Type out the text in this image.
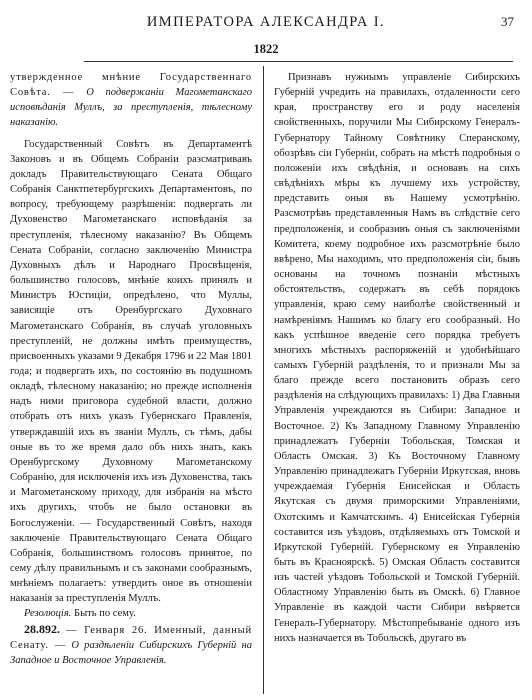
ИМПЕРАТОРА АЛЕКСАНДРА I.	37
1822

утвержденное мнѣние Государственнаго Совѣта. — О подвержаніи Магометанскаго исповѣданія Муллъ, за преступленія, тѣлесному наказанію.

Государственный Совѣтъ въ Департаментѣ Законовъ и въ Общемъ Собраніи разсматривавъ докладъ Правительствующаго Сената Общаго Собранія Санктпетербургскихъ Департаментовъ, по вопросу, требующему разрѣшенія: подвергать ли Духовенство Магометанскаго исповѣданія за преступленія, тѣлесному наказанію? Въ Общемъ Сената Собраніи, согласно заключенію Министра Духовныхъ дѣлъ и Народнаго Просвѣщенія, большинство голосовъ, мнѣніе коихъ принялъ и Министръ Юстиціи, опредѣлено, что Муллы, зависящіе отъ Оренбургскаго Духовнаго Магометанскаго Собранія, въ случаѣ уголовныхъ преступленій, не должны имѣть преимуществъ, присвоенныхъ указами 9 Декабря 1796 и 22 Мая 1801 года; и подвергать ихъ, по состоянію въ подушномъ окладѣ, тѣлесному наказанію; но прежде исполненія надъ ними приговора судебной власти, должно отобрать отъ нихъ указъ Губернскаго Правленія, утверждавшій ихъ въ званіи Муллъ, съ тѣмъ, дабы оные въ то же время дало объ нихъ знать, какъ Оренбургскому Духовному Магометанскому Собранію, для исключенія ихъ изъ Духовенства, такъ и Магометанскому приходу, для избранія на мѣсто ихъ другихъ, чтобъ не было остановки въ Богослуженіи. — Государственный Совѣтъ, находя заключеніе Правительствующаго Сената Общаго Собранія, большинствомъ голосовъ принятое, по сему дѣлу правильнымъ и съ законами сообразнымъ, мнѣніемъ полагаетъ: утвердить оное въ отношеніи наказанія за преступленія Муллъ.

Резолюція. Быть по сему.

28.892. — Генваря 26. Именный, данный Сенату. — О раздѣленіи Сибирскихъ Губерній на Западное и Восточное Управленія.

Признавъ нужнымъ управленіе Сибирскихъ Губерній учредить на правилахъ, отдаленности сего края, пространству его и роду населенія свойственныхъ, поручили Мы Сибирскому Генералъ-Губернатору Тайному Совѣтнику Сперанскому, обозрѣвъ сіи Губерніи, собрать на мѣстѣ подробныя о положеніи ихъ свѣдѣнія, и основавъ на сихъ свѣдѣніяхъ мѣры къ лучшему ихъ устройству, представить оныя въ Нашему усмотрѣнію. Разсмотрѣвъ представленныя Намъ въ слѣдствіе сего предположенія, и сообразивъ оныя съ заключеніями Комитета, коему подробное ихъ разсмотрѣніе было ввѣрено, Мы находимъ, что предположенія сіи, бывъ основаны на точномъ познаніи мѣстныхъ обстоятельствъ, содержатъ въ себѣ порядокъ управленія, краю сему наиболѣе свойственный и намѣреніямъ Нашимъ ко благу его сообразный. Но какъ успѣшное введеніе сего порядка требуетъ многихъ мѣстныхъ распоряженій и удобнѣйшаго самыхъ Губерній раздѣленія, то и признали Мы за благо прежде всего постановить образъ сего раздѣленія на слѣдующихъ правилахъ: 1) Два Главныя Управленія учреждаются въ Сибири: Западное и Восточное. 2) Къ Западному Главному Управленію принадлежатъ Губерніи Тобольская, Томская и Область Омская. 3) Къ Восточному Главному Управленію принадлежатъ Губерніи Иркутская, вновь учреждаемая Губернія Енисейская и Область Якутская съ двумя приморскими Управленіями, Охотскимъ и Камчатскимъ. 4) Енисейская Губернія составится изъ уѣздовъ, отдѣляемыхъ отъ Томской и Иркутской Губерній. Губернскому ея Управленію быть въ Красноярскѣ. 5) Омская Область составится изъ частей уѣздовъ Тобольской и Томской Губерній. Областному Управленію быть въ Омскѣ. 6) Главное Управленіе въ каждой части Сибири ввѣряется Генералъ-Губернатору. Мѣстопребываніе одного изъ нихъ назначается въ Тобольскѣ, другаго въ
